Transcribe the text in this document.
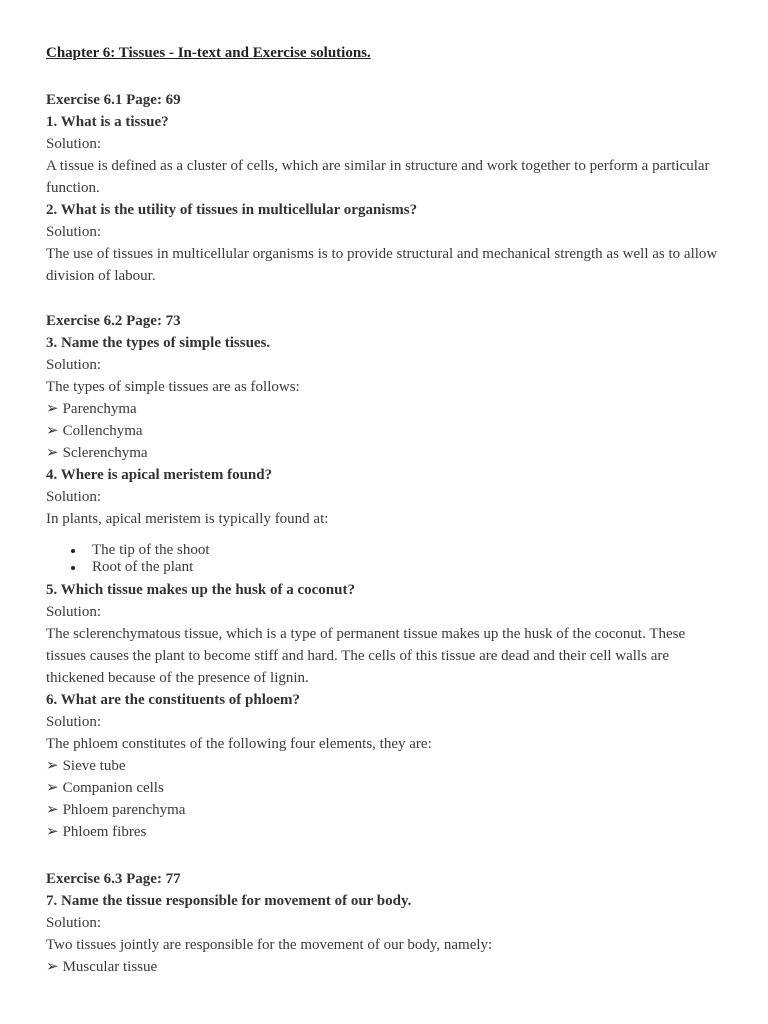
Chapter 6: Tissues - In-text and Exercise solutions.
Exercise 6.1 Page: 69
1. What is a tissue?
Solution:
A tissue is defined as a cluster of cells, which are similar in structure and work together to perform a particular function.
2. What is the utility of tissues in multicellular organisms?
Solution:
The use of tissues in multicellular organisms is to provide structural and mechanical strength as well as to allow division of labour.
Exercise 6.2 Page: 73
3. Name the types of simple tissues.
Solution:
The types of simple tissues are as follows:
➢ Parenchyma
➢ Collenchyma
➢ Sclerenchyma
4. Where is apical meristem found?
Solution:
In plants, apical meristem is typically found at:
The tip of the shoot
Root of the plant
5. Which tissue makes up the husk of a coconut?
Solution:
The sclerenchymatous tissue, which is a type of permanent tissue makes up the husk of the coconut. These tissues causes the plant to become stiff and hard. The cells of this tissue are dead and their cell walls are thickened because of the presence of lignin.
6. What are the constituents of phloem?
Solution:
The phloem constitutes of the following four elements, they are:
➢ Sieve tube
➢ Companion cells
➢ Phloem parenchyma
➢ Phloem fibres
Exercise 6.3 Page: 77
7. Name the tissue responsible for movement of our body.
Solution:
Two tissues jointly are responsible for the movement of our body, namely:
➢ Muscular tissue
